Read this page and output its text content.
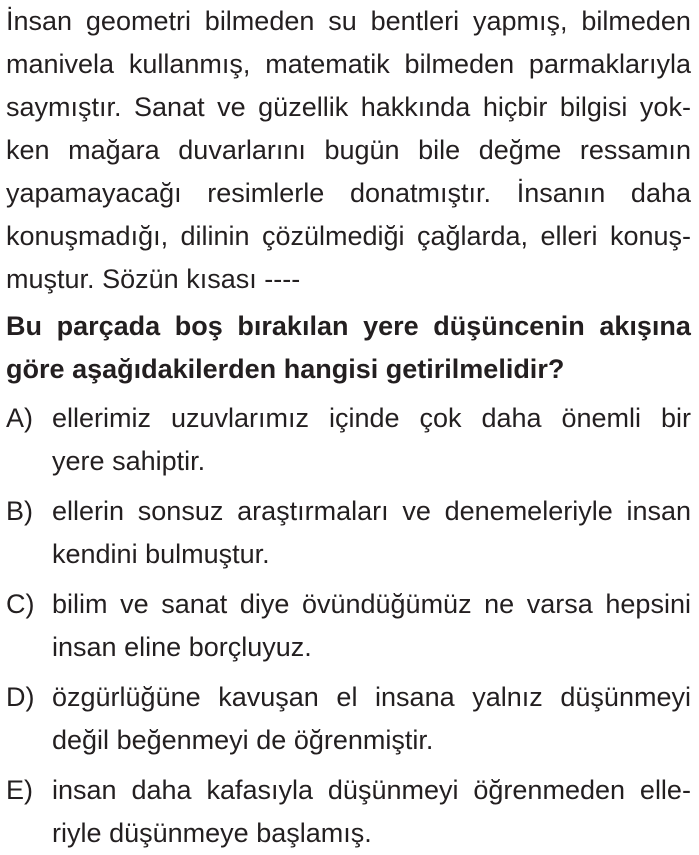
İnsan geometri bilmeden su bentleri yapmış, bilmeden
manivela kullanmış, matematik bilmeden parmaklarıyla
saymıştır. Sanat ve güzellik hakkında hiçbir bilgisi yok-
ken mağara duvarlarını bugün bile değme ressamın
yapamayacağı resimlerle donatmıştır. İnsanın daha
konuşmadığı, dilinin çözülmediği çağlarda, elleri konuş-
muştur. Sözün kısası ----
Bu parçada boş bırakılan yere düşüncenin akışına
göre aşağıdakilerden hangisi getirilmelidir?
A) ellerimiz uzuvlarımız içinde çok daha önemli bir
yere sahiptir.
B) ellerin sonsuz araştırmaları ve denemeleriyle insan
kendini bulmuştur.
C) bilim ve sanat diye övündüğümüz ne varsa hepsini
insan eline borçluyuz.
D) özgürlüğüne kavuşan el insana yalnız düşünmeyi
değil beğenmeyi de öğrenmiştir.
E) insan daha kafasıyla düşünmeyi öğrenmeden elle-
riyle düşünmeye başlamış.
